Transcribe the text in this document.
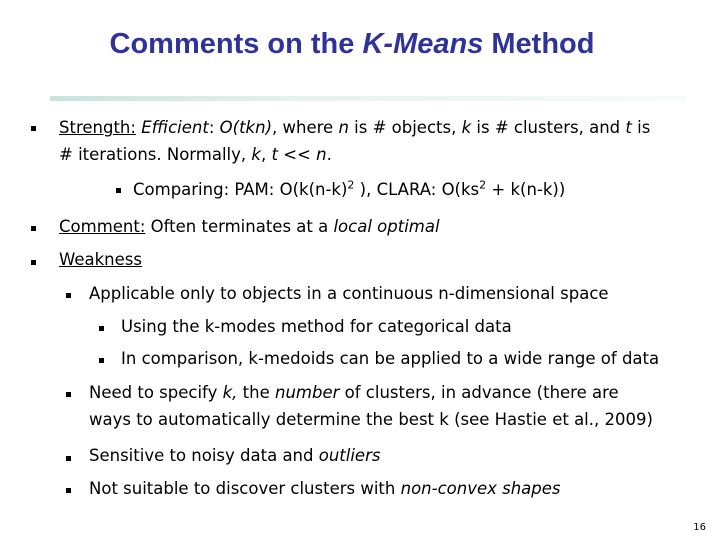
Comments on the K-Means Method
Strength: Efficient: O(tkn), where n is # objects, k is # clusters, and t is
# iterations. Normally, k, t << n.
Comparing: PAM: $O(k(n-k)^2$ ), CLARA: $O(ks^2 + k(n-k))$
Comment: Often terminates at a local optimal
Weakness
Applicable only to objects in a continuous n-dimensional space
Using the k-modes method for categorical data
In comparison, k-medoids can be applied to a wide range of data
Need to specify k, the number of clusters, in advance (there are
ways to automatically determine the best k (see Hastie et al., 2009)
Sensitive to noisy data and outliers
Not suitable to discover clusters with non-convex shapes
16
